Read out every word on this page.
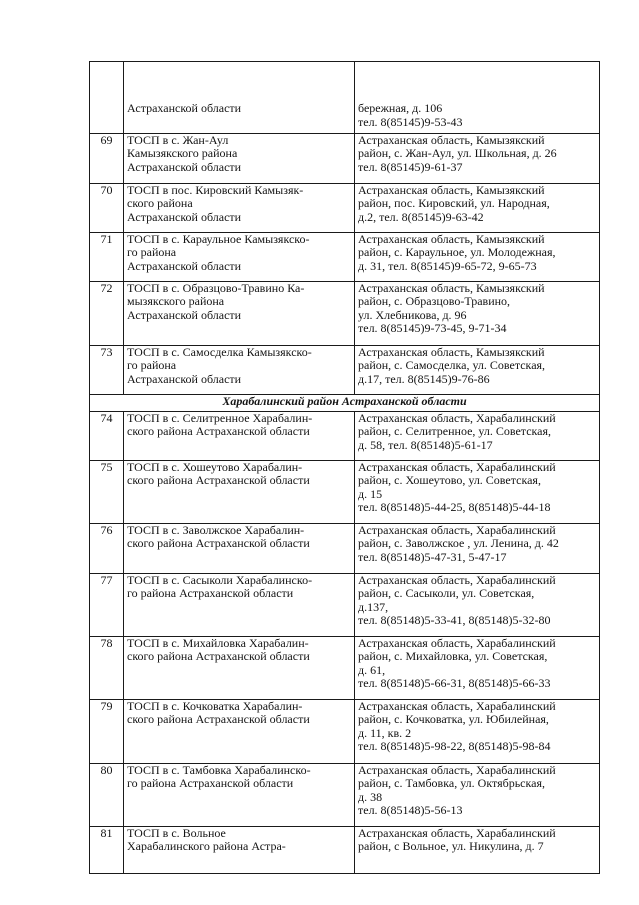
	Астраханской области	бережная, д. 106
тел. 8(85145)9-53-43

69	ТОСП в с. Жан-Аул
Камызякского района
Астраханской области	Астраханская область, Камызякский
район, с. Жан-Аул, ул. Школьная, д. 26
тел. 8(85145)9-61-37

70	ТОСП в пос. Кировский Камызяк-
ского района
Астраханской области	Астраханская область, Камызякский
район, пос. Кировский, ул. Народная,
д.2, тел. 8(85145)9-63-42

71	ТОСП в с. Караульное Камызякско-
го района
Астраханской области	Астраханская область, Камызякский
район, с. Караульное, ул. Молодежная,
д. 31, тел. 8(85145)9-65-72, 9-65-73

72	ТОСП в с. Образцово-Травино Ка-
мызякского района
Астраханской области	Астраханская область, Камызякский
район, с. Образцово-Травино,
ул. Хлебникова, д. 96
тел. 8(85145)9-73-45, 9-71-34

73	ТОСП в с. Самосделка Камызякско-
го района
Астраханской области	Астраханская область, Камызякский
район, с. Самосделка, ул. Советская,
д.17, тел. 8(85145)9-76-86

Харабалинский район Астраханской области		
74	ТОСП в с. Селитренное Харабалин-
ского района Астраханской области	Астраханская область, Харабалинский
район, с. Селитренное, ул. Советская,
д. 58, тел. 8(85148)5-61-17

75	ТОСП в с. Хошеутово Харабалин-
ского района Астраханской области	Астраханская область, Харабалинский
район, с. Хошеутово, ул. Советская,
д. 15
тел. 8(85148)5-44-25, 8(85148)5-44-18

76	ТОСП в с. Заволжское Харабалин-
ского района Астраханской области	Астраханская область, Харабалинский
район, с. Заволжское , ул. Ленина, д. 42
тел. 8(85148)5-47-31, 5-47-17

77	ТОСП в с. Сасыколи Харабалинско-
го района Астраханской области	Астраханская область, Харабалинский
район, с. Сасыколи, ул. Советская,
д.137,
тел. 8(85148)5-33-41, 8(85148)5-32-80

78	ТОСП в с. Михайловка Харабалин-
ского района Астраханской области	Астраханская область, Харабалинский
район, с. Михайловка, ул. Советская,
д. 61,
тел. 8(85148)5-66-31, 8(85148)5-66-33

79	ТОСП в с. Кочковатка Харабалин-
ского района Астраханской области	Астраханская область, Харабалинский
район, с. Кочковатка, ул. Юбилейная,
д. 11, кв. 2
тел. 8(85148)5-98-22, 8(85148)5-98-84

80	ТОСП в с. Тамбовка Харабалинско-
го района Астраханской области	Астраханская область, Харабалинский
район, с. Тамбовка, ул. Октябрьская,
д. 38
тел. 8(85148)5-56-13

81	ТОСП в с. Вольное
Харабалинского района Астра-	Астраханская область, Харабалинский
район, с Вольное, ул. Никулина, д. 7
